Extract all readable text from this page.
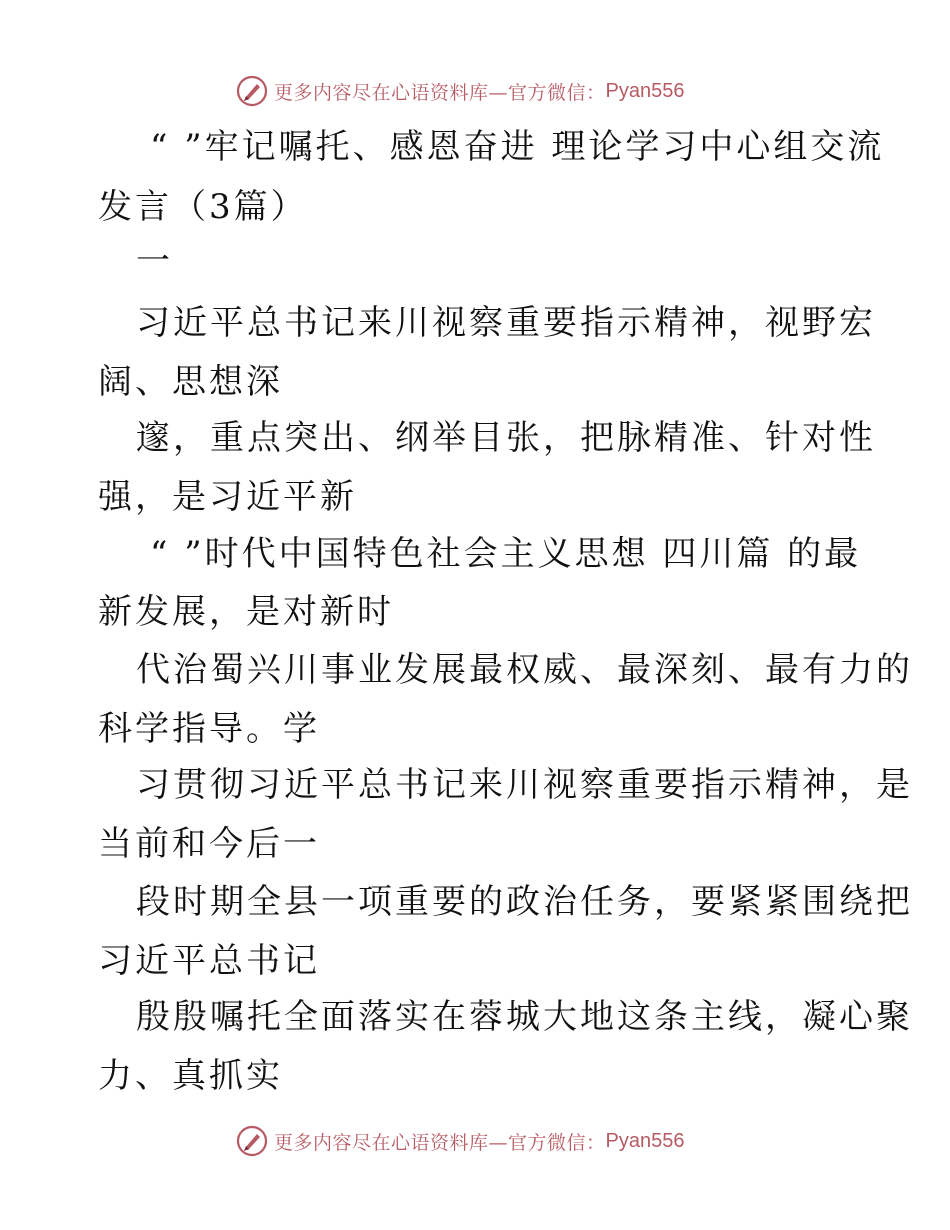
更多内容尽在心语资料库—官方微信： Pyan556
“ ”牢记嘱托、感恩奋进 理论学习中心组交流
发言（3篇）
一
习近平总书记来川视察重要指示精神，视野宏
阔、思想深
邃，重点突出、纲举目张，把脉精准、针对性
强，是习近平新
“ ”时代中国特色社会主义思想 四川篇 的最
新发展，是对新时
代治蜀兴川事业发展最权威、最深刻、最有力的
科学指导。学
习贯彻习近平总书记来川视察重要指示精神，是
当前和今后一
段时期全县一项重要的政治任务，要紧紧围绕把
习近平总书记
殷殷嘱托全面落实在蓉城大地这条主线，凝心聚
力、真抓实
更多内容尽在心语资料库—官方微信： Pyan556
